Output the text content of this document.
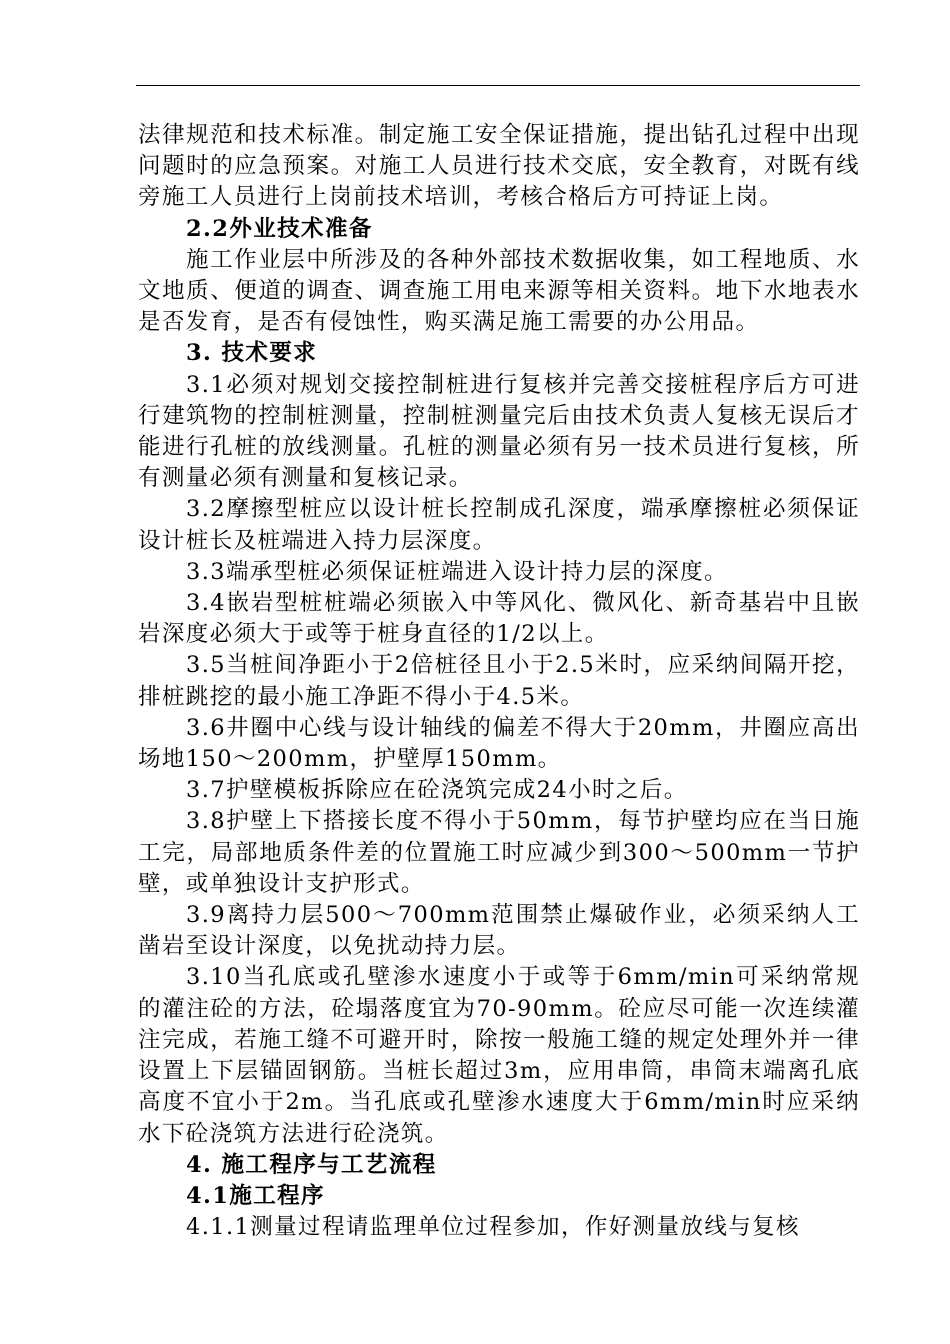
法律规范和技术标准。制定施工安全保证措施，提出钻孔过程中出现问题时的应急预案。对施工人员进行技术交底，安全教育，对既有线旁施工人员进行上岗前技术培训，考核合格后方可持证上岗。

2.2外业技术准备

施工作业层中所涉及的各种外部技术数据收集，如工程地质、水文地质、便道的调查、调查施工用电来源等相关资料。地下水地表水是否发育，是否有侵蚀性，购买满足施工需要的办公用品。

3. 技术要求

3.1必须对规划交接控制桩进行复核并完善交接桩程序后方可进行建筑物的控制桩测量，控制桩测量完后由技术负责人复核无误后才能进行孔桩的放线测量。孔桩的测量必须有另一技术员进行复核，所有测量必须有测量和复核记录。

3.2摩擦型桩应以设计桩长控制成孔深度，端承摩擦桩必须保证设计桩长及桩端进入持力层深度。

3.3端承型桩必须保证桩端进入设计持力层的深度。

3.4嵌岩型桩桩端必须嵌入中等风化、微风化、新奇基岩中且嵌岩深度必须大于或等于桩身直径的1/2以上。

3.5当桩间净距小于2倍桩径且小于2.5米时，应采纳间隔开挖，排桩跳挖的最小施工净距不得小于4.5米。

3.6井圈中心线与设计轴线的偏差不得大于20mm，井圈应高出场地150～200mm，护壁厚150mm。

3.7护壁模板拆除应在砼浇筑完成24小时之后。

3.8护壁上下搭接长度不得小于50mm，每节护壁均应在当日施工完，局部地质条件差的位置施工时应减少到300～500mm一节护壁，或单独设计支护形式。

3.9离持力层500～700mm范围禁止爆破作业，必须采纳人工凿岩至设计深度，以免扰动持力层。

3.10当孔底或孔壁渗水速度小于或等于6mm/min可采纳常规的灌注砼的方法，砼塌落度宜为70-90mm。砼应尽可能一次连续灌注完成，若施工缝不可避开时，除按一般施工缝的规定处理外并一律设置上下层锚固钢筋。当桩长超过3m，应用串筒，串筒末端离孔底高度不宜小于2m。当孔底或孔壁渗水速度大于6mm/min时应采纳水下砼浇筑方法进行砼浇筑。

4. 施工程序与工艺流程

4.1施工程序

4.1.1测量过程请监理单位过程参加，作好测量放线与复核
